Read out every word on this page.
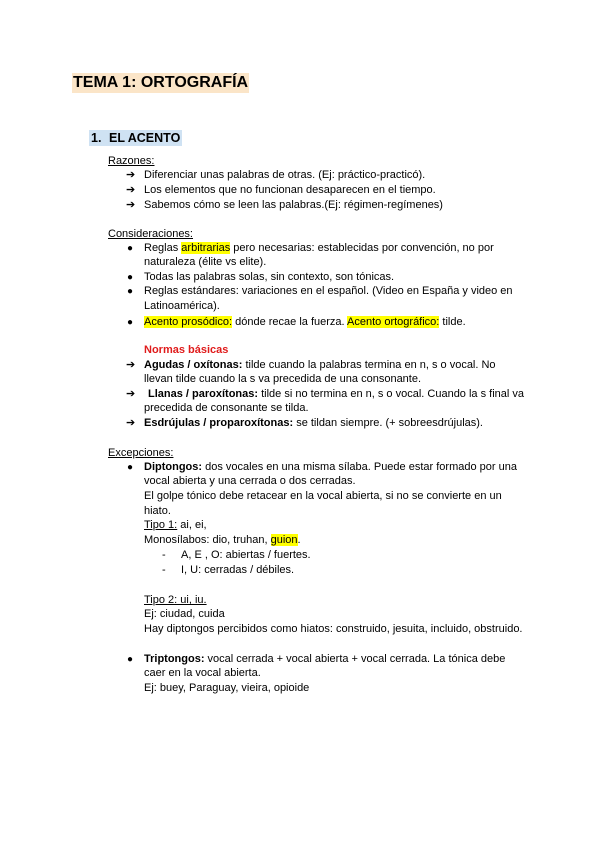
TEMA 1: ORTOGRAFÍA
1. EL ACENTO
Razones:
➔ Diferenciar unas palabras de otras. (Ej: práctico-practicó).
➔ Los elementos que no funcionan desaparecen en el tiempo.
➔ Sabemos cómo se leen las palabras.(Ej: régimen-regímenes)
Consideraciones:
● Reglas arbitrarias pero necesarias: establecidas por convención, no por
naturaleza (élite vs elite).
● Todas las palabras solas, sin contexto, son tónicas.
● Reglas estándares: variaciones en el español. (Video en España y video en
Latinoamérica).
● Acento prosódico: dónde recae la fuerza. Acento ortográfico: tilde.
Normas básicas
➔ Agudas / oxítonas: tilde cuando la palabras termina en n, s o vocal. No
llevan tilde cuando la s va precedida de una consonante.
➔ Llanas / paroxítonas: tilde si no termina en n, s o vocal. Cuando la s final va
precedida de consonante se tilda.
➔ Esdrújulas / proparoxítonas: se tildan siempre. (+ sobreesdrújulas).
Excepciones:
● Diptongos: dos vocales en una misma sílaba. Puede estar formado por una
vocal abierta y una cerrada o dos cerradas.
El golpe tónico debe retacear en la vocal abierta, si no se convierte en un
hiato.
Tipo 1: ai, ei,
Monosílabos: dio, truhan, guion.
- A, E , O: abiertas / fuertes.
- I, U: cerradas / débiles.
Tipo 2: ui, iu.
Ej: ciudad, cuida
Hay diptongos percibidos como hiatos: construido, jesuita, incluido, obstruido.
● Triptongos: vocal cerrada + vocal abierta + vocal cerrada. La tónica debe
caer en la vocal abierta.
Ej: buey, Paraguay, vieira, opioide
